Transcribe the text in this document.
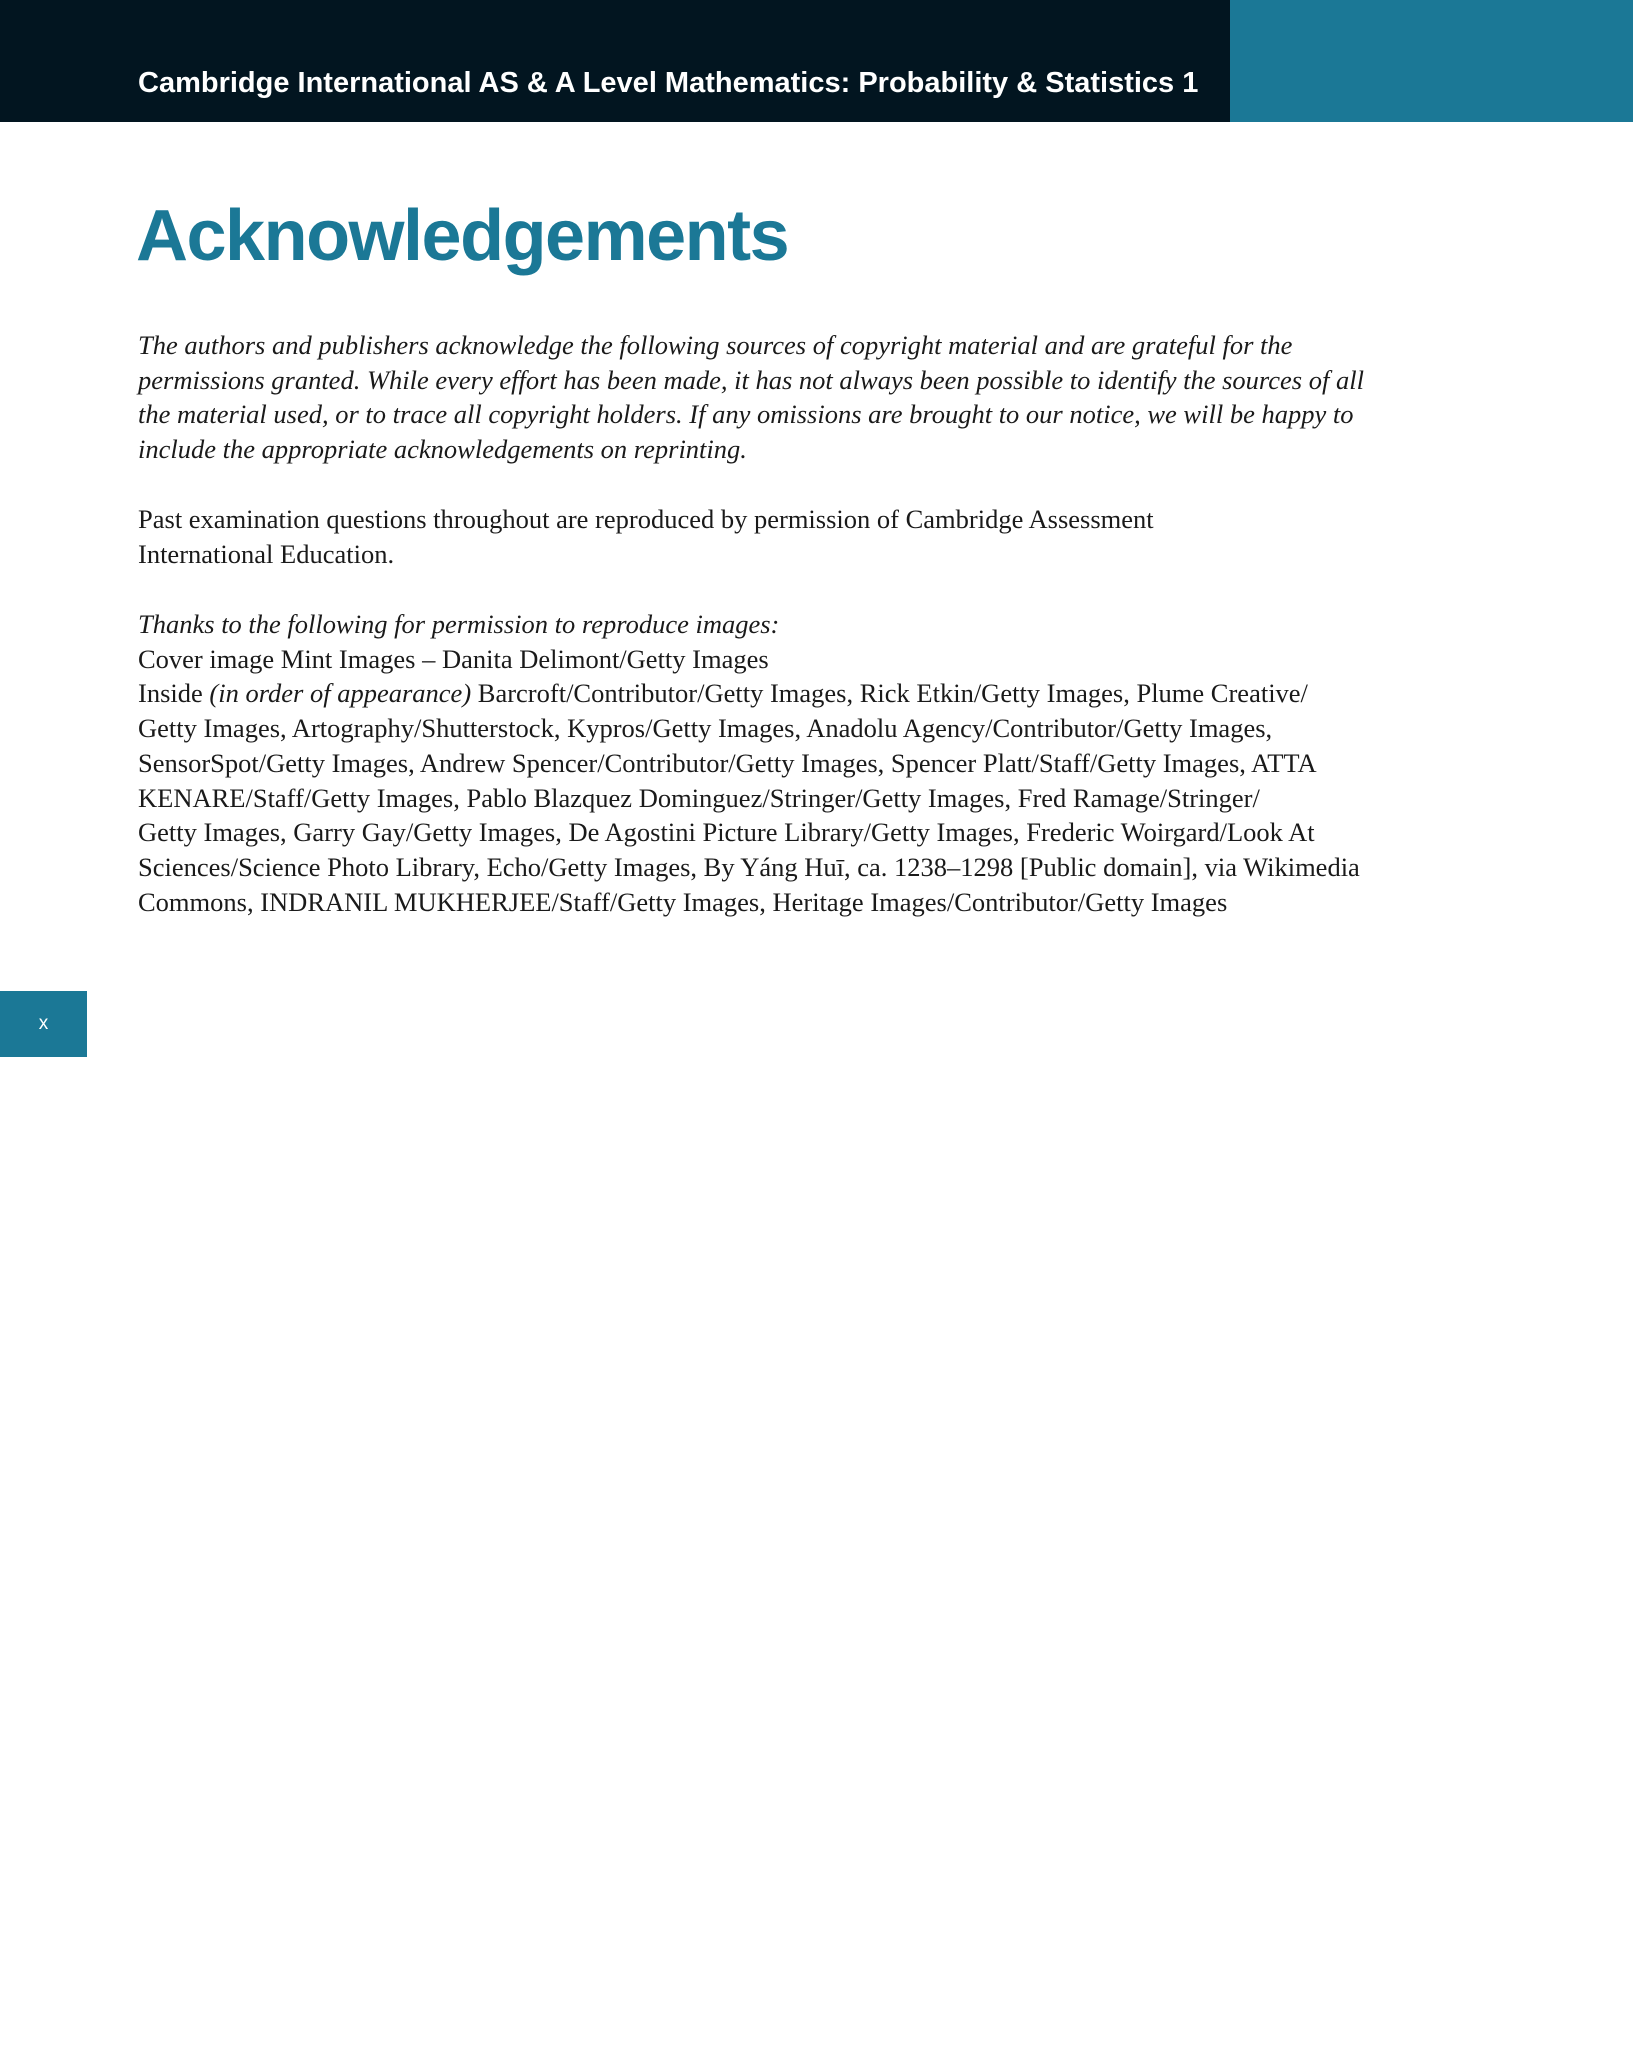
Cambridge International AS & A Level Mathematics: Probability & Statistics 1
Acknowledgements

The authors and publishers acknowledge the following sources of copyright material and are grateful for the
permissions granted. While every effort has been made, it has not always been possible to identify the sources of all
the material used, or to trace all copyright holders. If any omissions are brought to our notice, we will be happy to
include the appropriate acknowledgements on reprinting.

Past examination questions throughout are reproduced by permission of Cambridge Assessment
International Education.

Thanks to the following for permission to reproduce images:
Cover image Mint Images – Danita Delimont/Getty Images
Inside (in order of appearance) Barcroft/Contributor/Getty Images, Rick Etkin/Getty Images, Plume Creative/
Getty Images, Artography/Shutterstock, Kypros/Getty Images, Anadolu Agency/Contributor/Getty Images,
SensorSpot/Getty Images, Andrew Spencer/Contributor/Getty Images, Spencer Platt/Staff/Getty Images, ATTA
KENARE/Staff/Getty Images, Pablo Blazquez Dominguez/Stringer/Getty Images, Fred Ramage/Stringer/
Getty Images, Garry Gay/Getty Images, De Agostini Picture Library/Getty Images, Frederic Woirgard/Look At
Sciences/Science Photo Library, Echo/Getty Images, By Yáng Huī, ca. 1238–1298 [Public domain], via Wikimedia
Commons, INDRANIL MUKHERJEE/Staff/Getty Images, Heritage Images/Contributor/Getty Images
x
